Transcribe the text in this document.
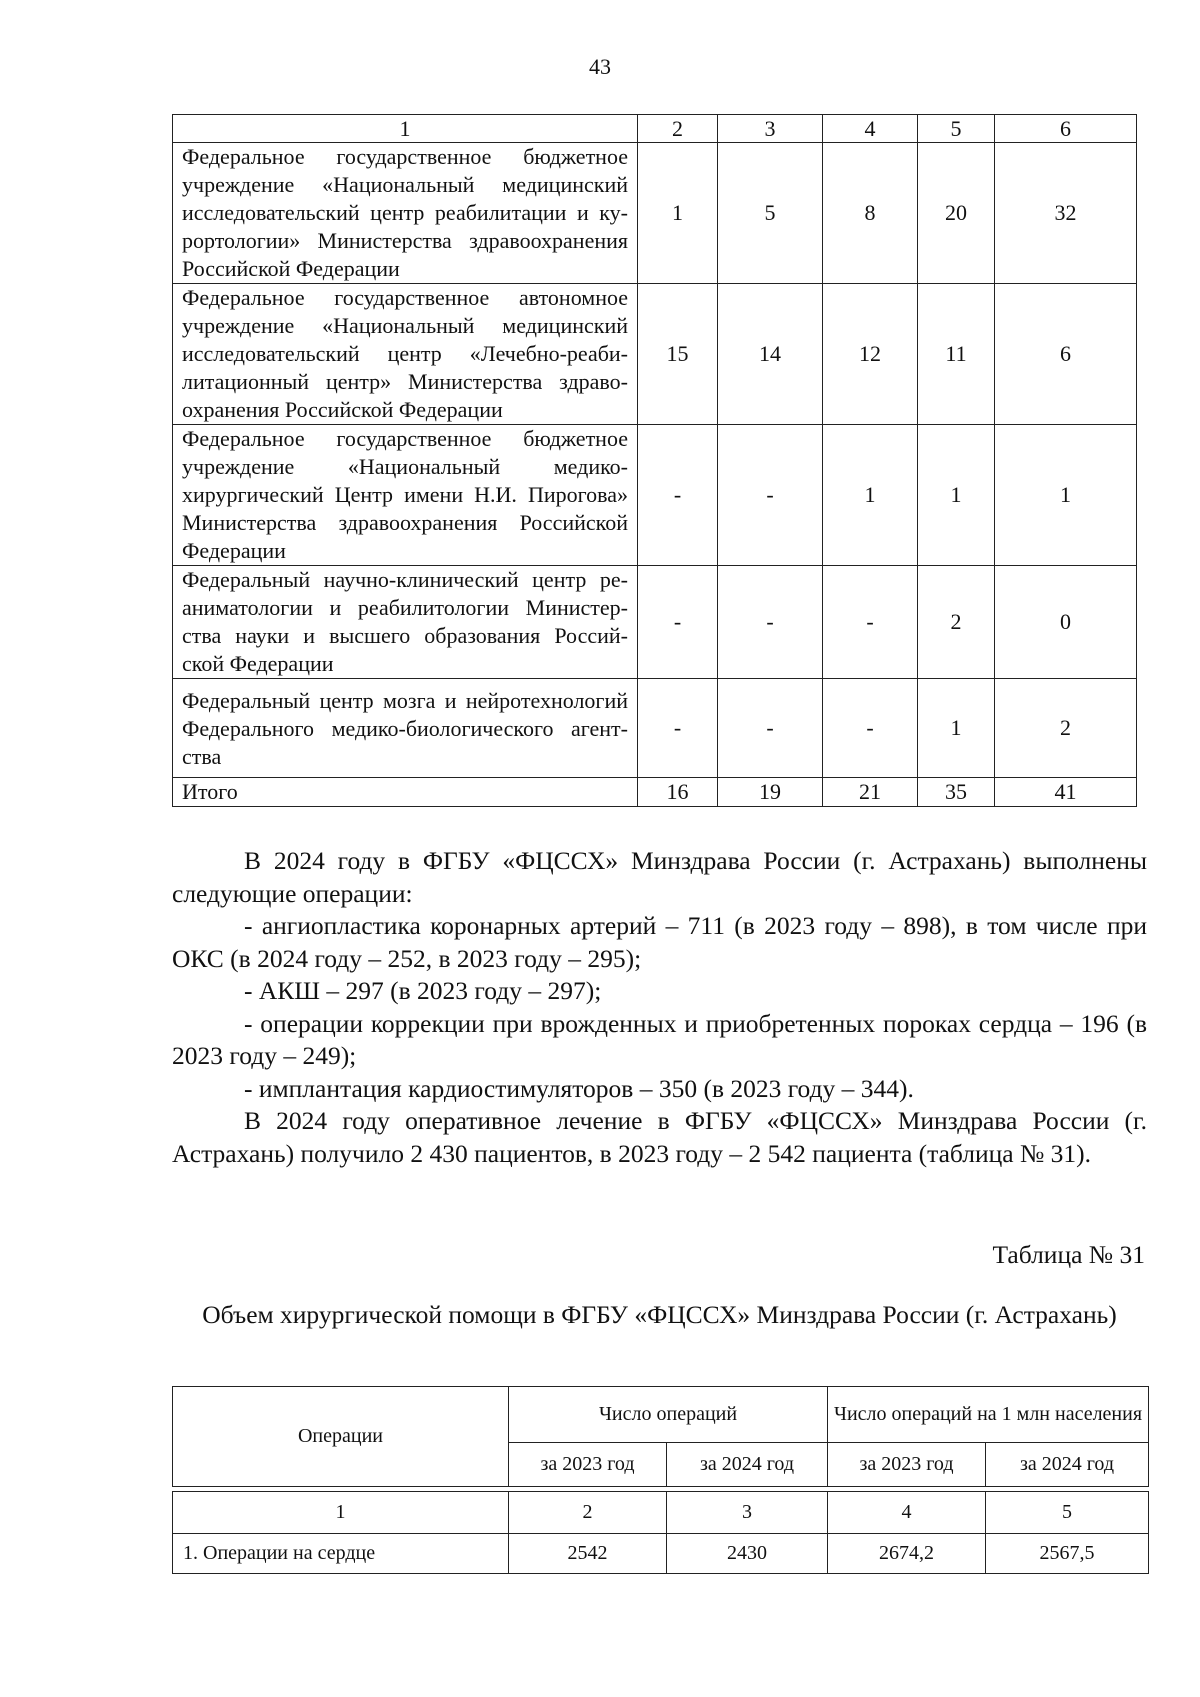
43
1	2	3	4	5	6

Федеральное государственное бюджетное
учреждение «Национальный медицинский
исследовательский центр реабилитации и ку-
рортологии» Министерства здравоохранения
Российской Федерации	1	5	8	20	32

Федеральное государственное автономное
учреждение «Национальный медицинский
исследовательский центр «Лечебно-реаби-
литационный центр» Министерства здраво-
охранения Российской Федерации	15	14	12	11	6

Федеральное государственное бюджетное
учреждение «Национальный медико-
хирургический Центр имени Н.И. Пирогова»
Министерства здравоохранения Российской
Федерации	-	-	1	1	1

Федеральный научно-клинический центр ре-
аниматологии и реабилитологии Министер-
ства науки и высшего образования Россий-
ской Федерации	-	-	-	2	0

Федеральный центр мозга и нейротехнологий
Федерального медико-биологического агент-
ства	-	-	-	1	2
Итого	16	19	21	35	41

В 2024 году в ФГБУ «ФЦССХ» Минздрава России (г. Астрахань) выполнены следующие операции:

- ангиопластика коронарных артерий – 711 (в 2023 году – 898), в том числе при ОКС (в 2024 году – 252, в 2023 году – 295);

- АКШ – 297 (в 2023 году – 297);

- операции коррекции при врожденных и приобретенных пороках сердца – 196 (в 2023 году – 249);

- имплантация кардиостимуляторов – 350 (в 2023 году – 344).

В 2024 году оперативное лечение в ФГБУ «ФЦССХ» Минздрава России (г. Астрахань) получило 2 430 пациентов, в 2023 году – 2 542 пациента (таблица № 31).

Таблица № 31
Объем хирургической помощи в ФГБУ «ФЦССХ» Минздрава России (г. Астрахань)
Операции	Число операций		Число операций на 1 млн населения	
	за 2023 год	за 2024 год	за 2023 год	за 2024 год

1	2	3	4	5
1. Операции на сердце	2542	2430	2674,2	2567,5
